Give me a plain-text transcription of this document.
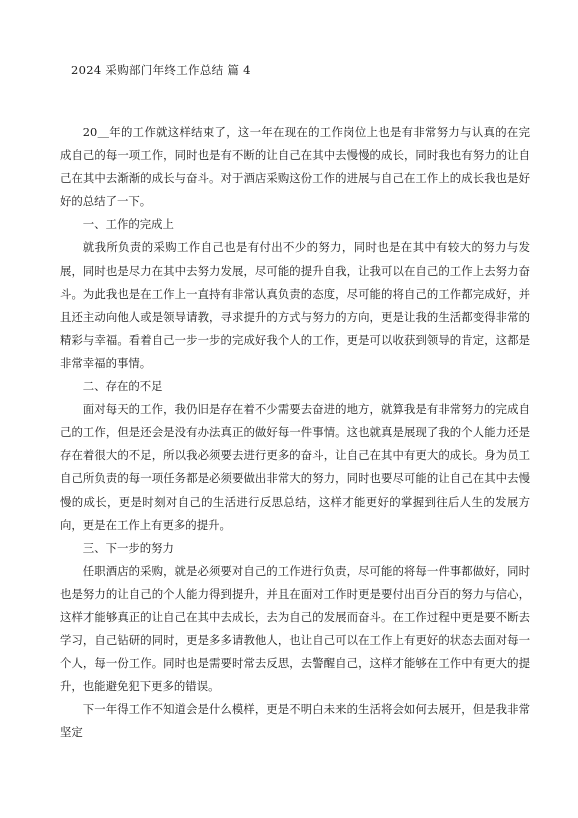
2024 采购部门年终工作总结 篇 4

20＿年的工作就这样结束了，这一年在现在的工作岗位上也是有非常努力与认真的在完成自己的每一项工作，同时也是有不断的让自己在其中去慢慢的成长，同时我也有努力的让自己在其中去渐渐的成长与奋斗。对于酒店采购这份工作的进展与自己在工作上的成长我也是好好的总结了一下。

一、工作的完成上

就我所负责的采购工作自己也是有付出不少的努力，同时也是在其中有较大的努力与发展，同时也是尽力在其中去努力发展，尽可能的提升自我，让我可以在自己的工作上去努力奋斗。为此我也是在工作上一直持有非常认真负责的态度，尽可能的将自己的工作都完成好，并且还主动向他人或是领导请教，寻求提升的方式与努力的方向，更是让我的生活都变得非常的精彩与幸福。看着自己一步一步的完成好我个人的工作，更是可以收获到领导的肯定，这都是非常幸福的事情。

二、存在的不足

面对每天的工作，我仍旧是存在着不少需要去奋进的地方，就算我是有非常努力的完成自己的工作，但是还会是没有办法真正的做好每一件事情。这也就真是展现了我的个人能力还是存在着很大的不足，所以我必须要去进行更多的奋斗，让自己在其中有更大的成长。身为员工自己所负责的每一项任务都是必须要做出非常大的努力，同时也要尽可能的让自己在其中去慢慢的成长，更是时刻对自己的生活进行反思总结，这样才能更好的掌握到往后人生的发展方向，更是在工作上有更多的提升。

三、下一步的努力

任职酒店的采购，就是必须要对自己的工作进行负责，尽可能的将每一件事都做好，同时也是努力的让自己的个人能力得到提升，并且在面对工作时更是要付出百分百的努力与信心，这样才能够真正的让自己在其中去成长，去为自己的发展而奋斗。在工作过程中更是要不断去学习，自己钻研的同时，更是多多请教他人，也让自己可以在工作上有更好的状态去面对每一个人，每一份工作。同时也是需要时常去反思，去警醒自己，这样才能够在工作中有更大的提升，也能避免犯下更多的错误。

下一年得工作不知道会是什么模样，更是不明白未来的生活将会如何去展开，但是我非常坚定
